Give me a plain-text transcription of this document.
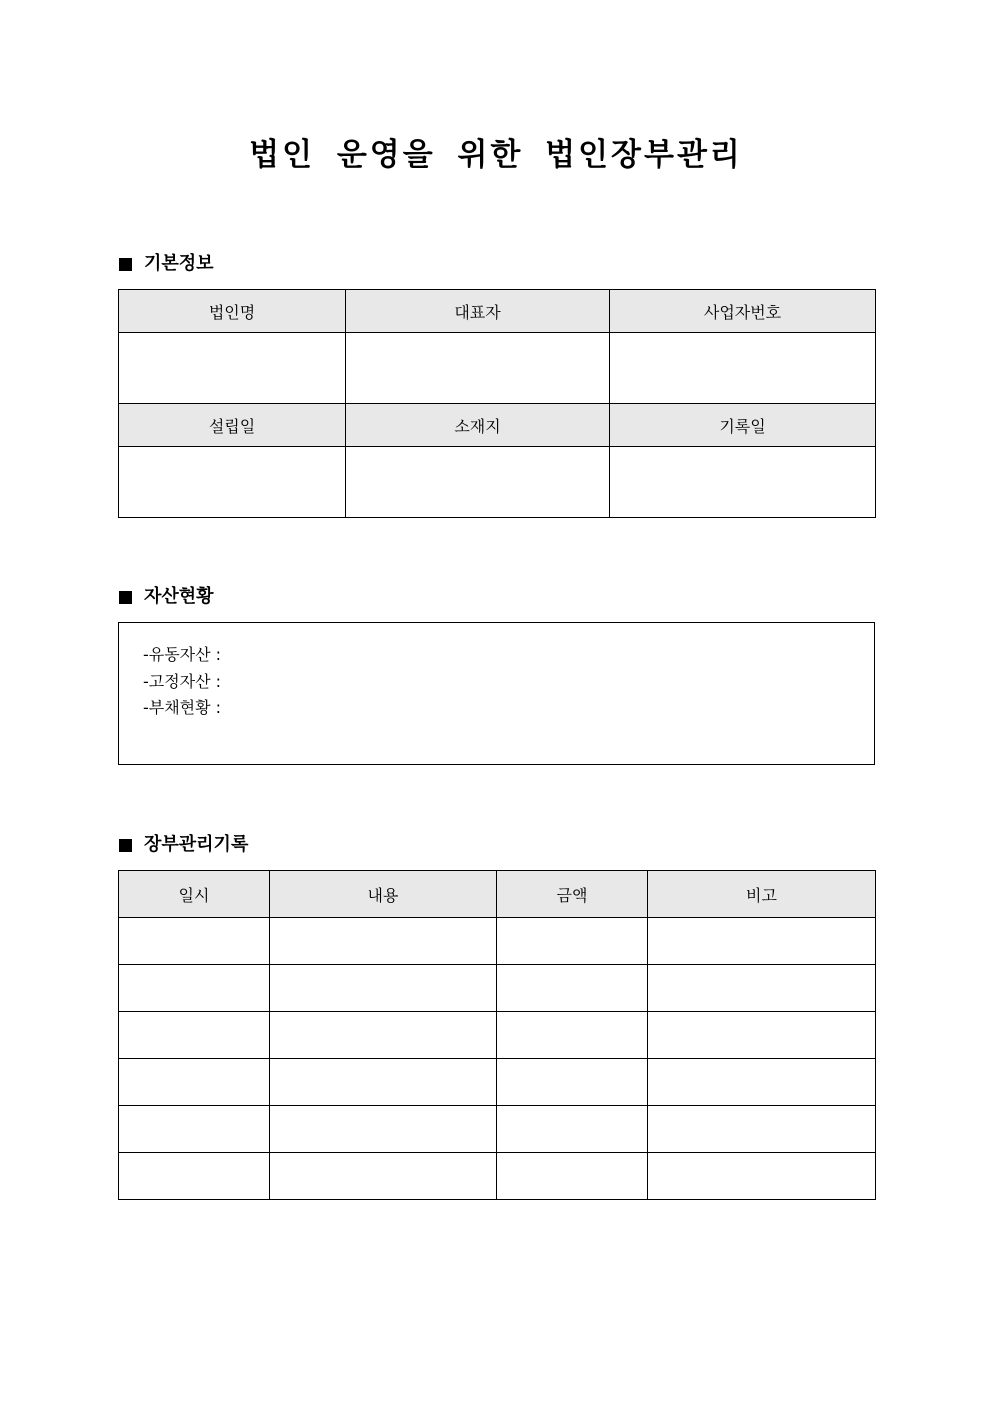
법인 운영을 위한 법인장부관리
기본정보
법인명	대표자	사업자번호

설립일	소재지	기록일

자산현황
-유동자산 :
-고정자산 :
-부채현황 :
장부관리기록
일시	내용	금액	비고
